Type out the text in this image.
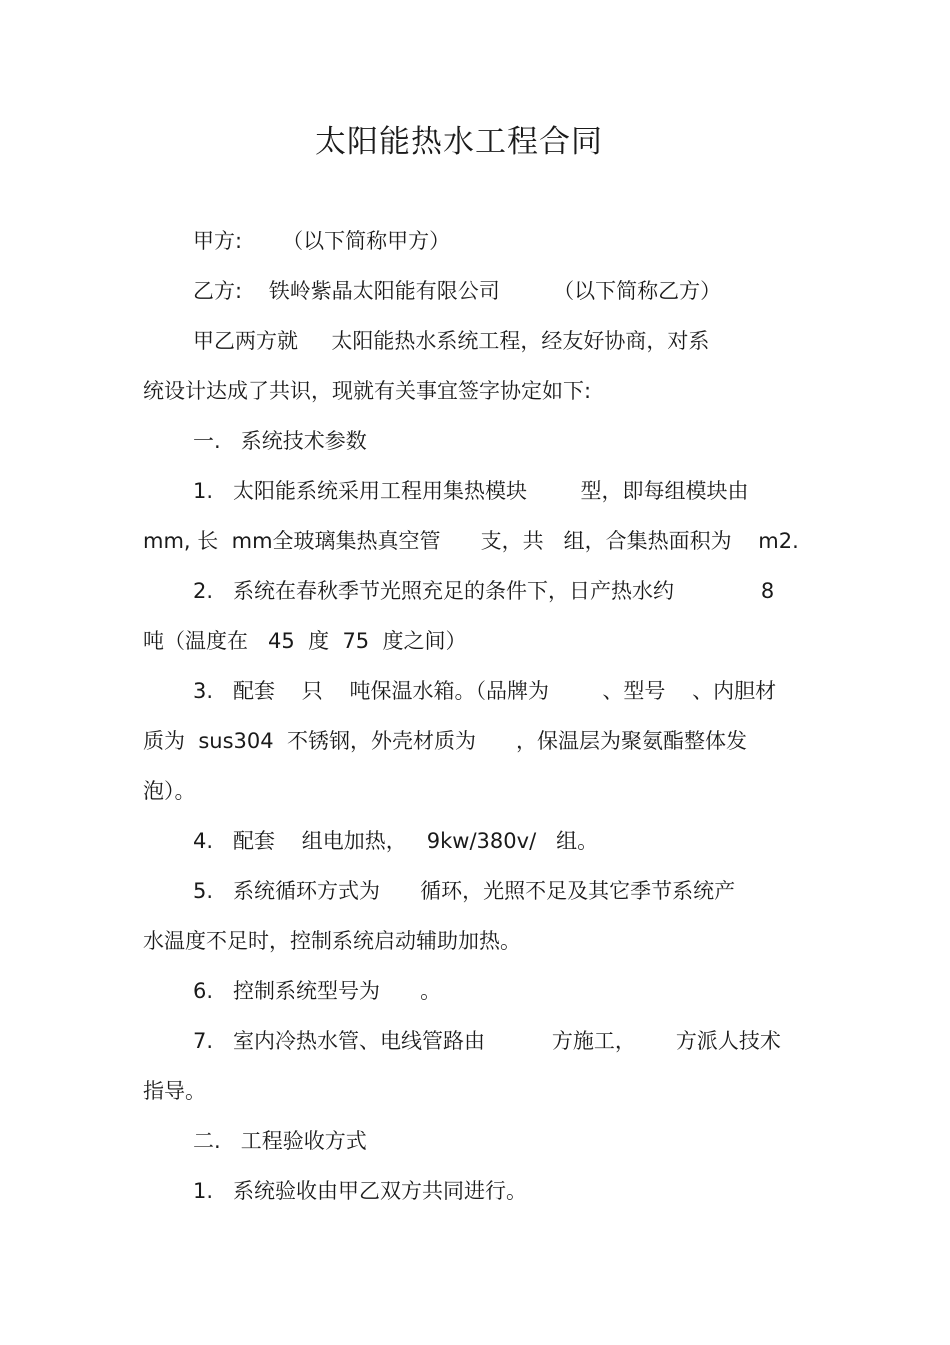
太阳能热水工程合同
甲方:      （以下简称甲方）
乙方:    铁岭紫晶太阳能有限公司        （以下简称乙方）
甲乙两方就     太阳能热水系统工程，经友好协商，对系
统设计达成了共识，现就有关事宜签字协定如下:
一.   系统技术参数
1.   太阳能系统采用工程用集热模块        型，即每组模块由
mm, 长  mm全玻璃集热真空管      支，共   组，合集热面积为    m2.
2.   系统在春秋季节光照充足的条件下，日产热水约             8
吨（温度在   45  度  75  度之间）
3.   配套    只    吨保温水箱。（品牌为        、型号    、内胆材
质为  sus304  不锈钢，外壳材质为      ，保温层为聚氨酯整体发
泡）。
4.   配套    组电加热，   9kw/380v/   组。
5.   系统循环方式为      循环，光照不足及其它季节系统产
水温度不足时，控制系统启动辅助加热。
6.   控制系统型号为      。
7.   室内冷热水管、电线管路由          方施工，      方派人技术
指导。
二.   工程验收方式
1.   系统验收由甲乙双方共同进行。
